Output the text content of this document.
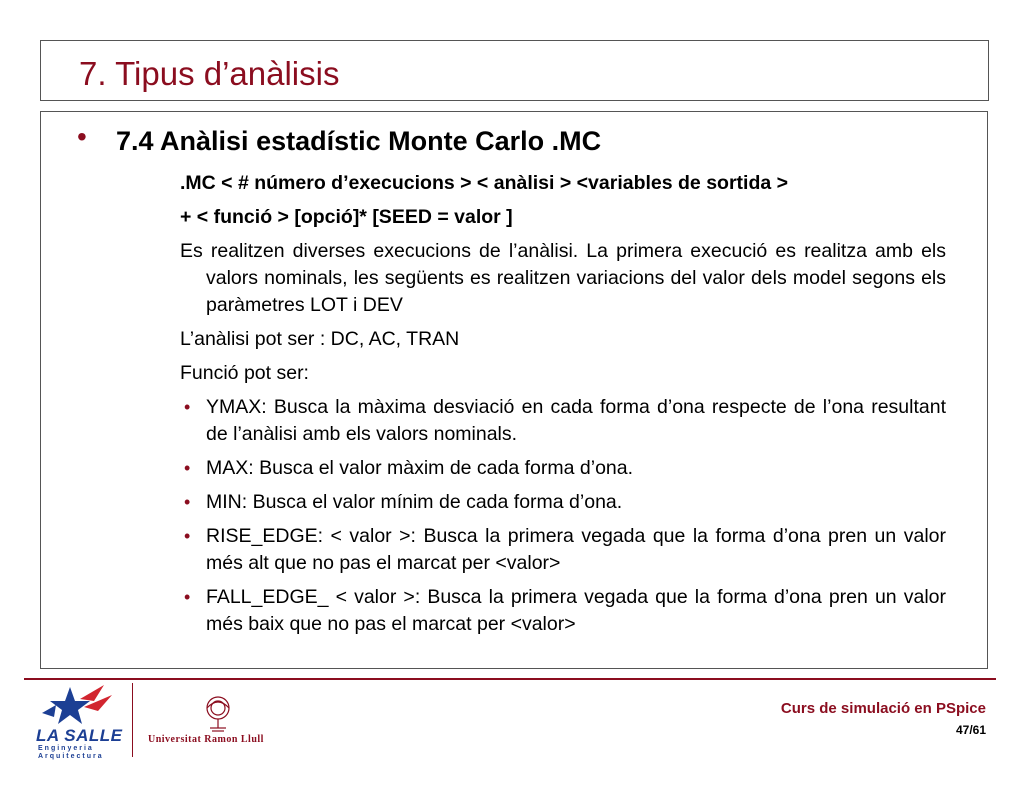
7. Tipus d’anàlisis
• 7.4 Anàlisi estadístic Monte Carlo .MC

.MC < # número d’execucions > < anàlisi > <variables de sortida >

+ < funció > [opció]* [SEED = valor ]

Es realitzen diverses execucions de l’anàlisi. La primera execució es realitza amb els valors nominals, les següents es realitzen variacions del valor dels model segons els paràmetres LOT i DEV

L’anàlisi pot ser : DC, AC, TRAN

Funció pot ser:

• YMAX: Busca la màxima desviació en cada forma d’ona respecte de l’ona resultant de l’anàlisi amb els valors nominals.
• MAX: Busca el valor màxim de cada forma d’ona.
• MIN: Busca el valor mínim de cada forma d’ona.
• RISE_EDGE: < valor >: Busca la primera vegada que la forma d’ona pren un valor més alt que no pas el marcat per <valor>
• FALL_EDGE_ < valor >: Busca la primera vegada que la forma d’ona pren un valor més baix que no pas el marcat per <valor>
LA SALLE
Enginyeria
Arquitectura
Universitat Ramon Llull
Curs de simulació en PSpice
47/61
